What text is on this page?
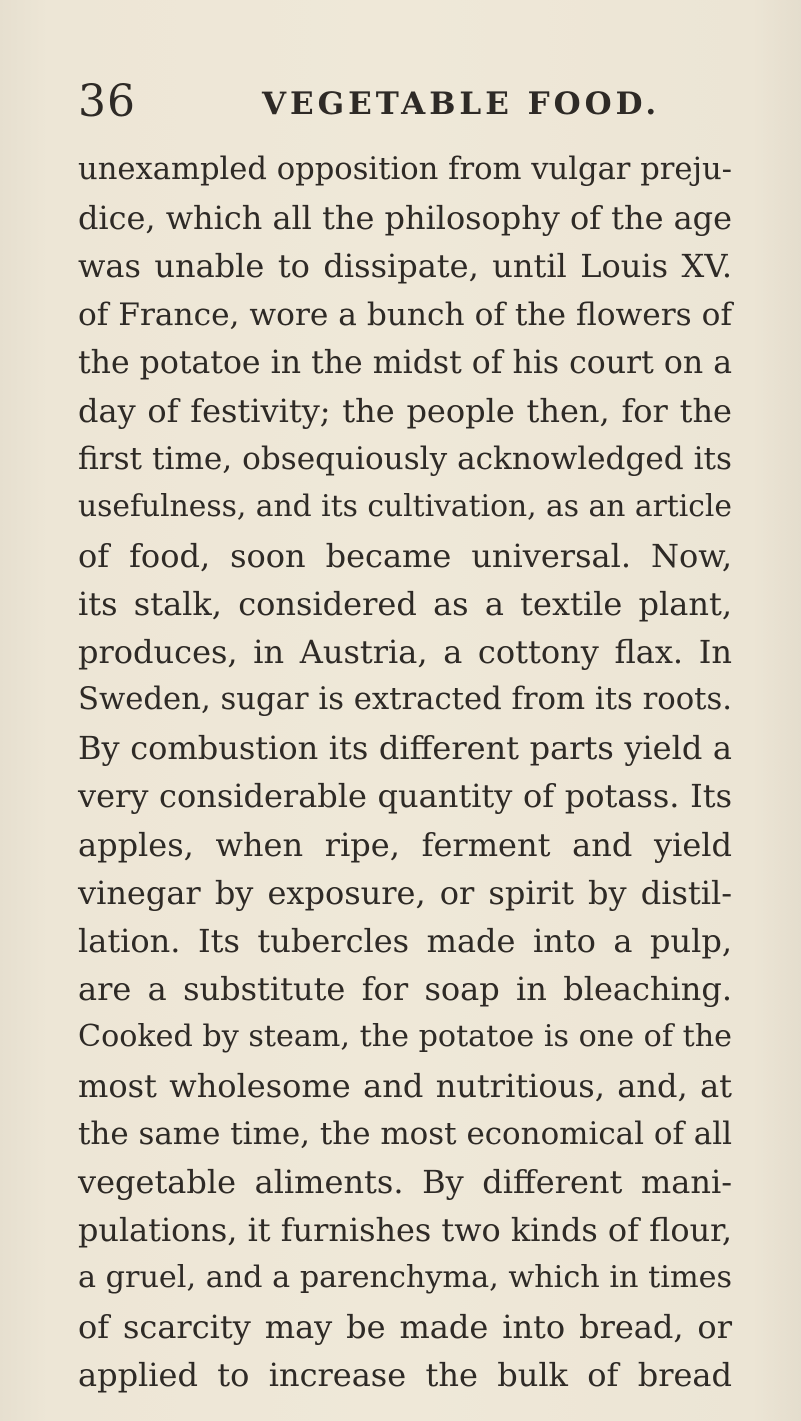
36	VEGETABLE FOOD.
unexampled opposition from vulgar preju-
dice, which all the philosophy of the age
was unable to dissipate, until Louis XV.
of France, wore a bunch of the flowers of
the potatoe in the midst of his court on a
day of festivity; the people then, for the
first time, obsequiously acknowledged its
usefulness, and its cultivation, as an article
of food, soon became universal. Now,
its stalk, considered as a textile plant,
produces, in Austria, a cottony flax. In
Sweden, sugar is extracted from its roots.
By combustion its different parts yield a
very considerable quantity of potass. Its
apples, when ripe, ferment and yield
vinegar by exposure, or spirit by distil-
lation. Its tubercles made into a pulp,
are a substitute for soap in bleaching.
Cooked by steam, the potatoe is one of the
most wholesome and nutritious, and, at
the same time, the most economical of all
vegetable aliments. By different mani-
pulations, it furnishes two kinds of flour,
a gruel, and a parenchyma, which in times
of scarcity may be made into bread, or
applied to increase the bulk of bread
